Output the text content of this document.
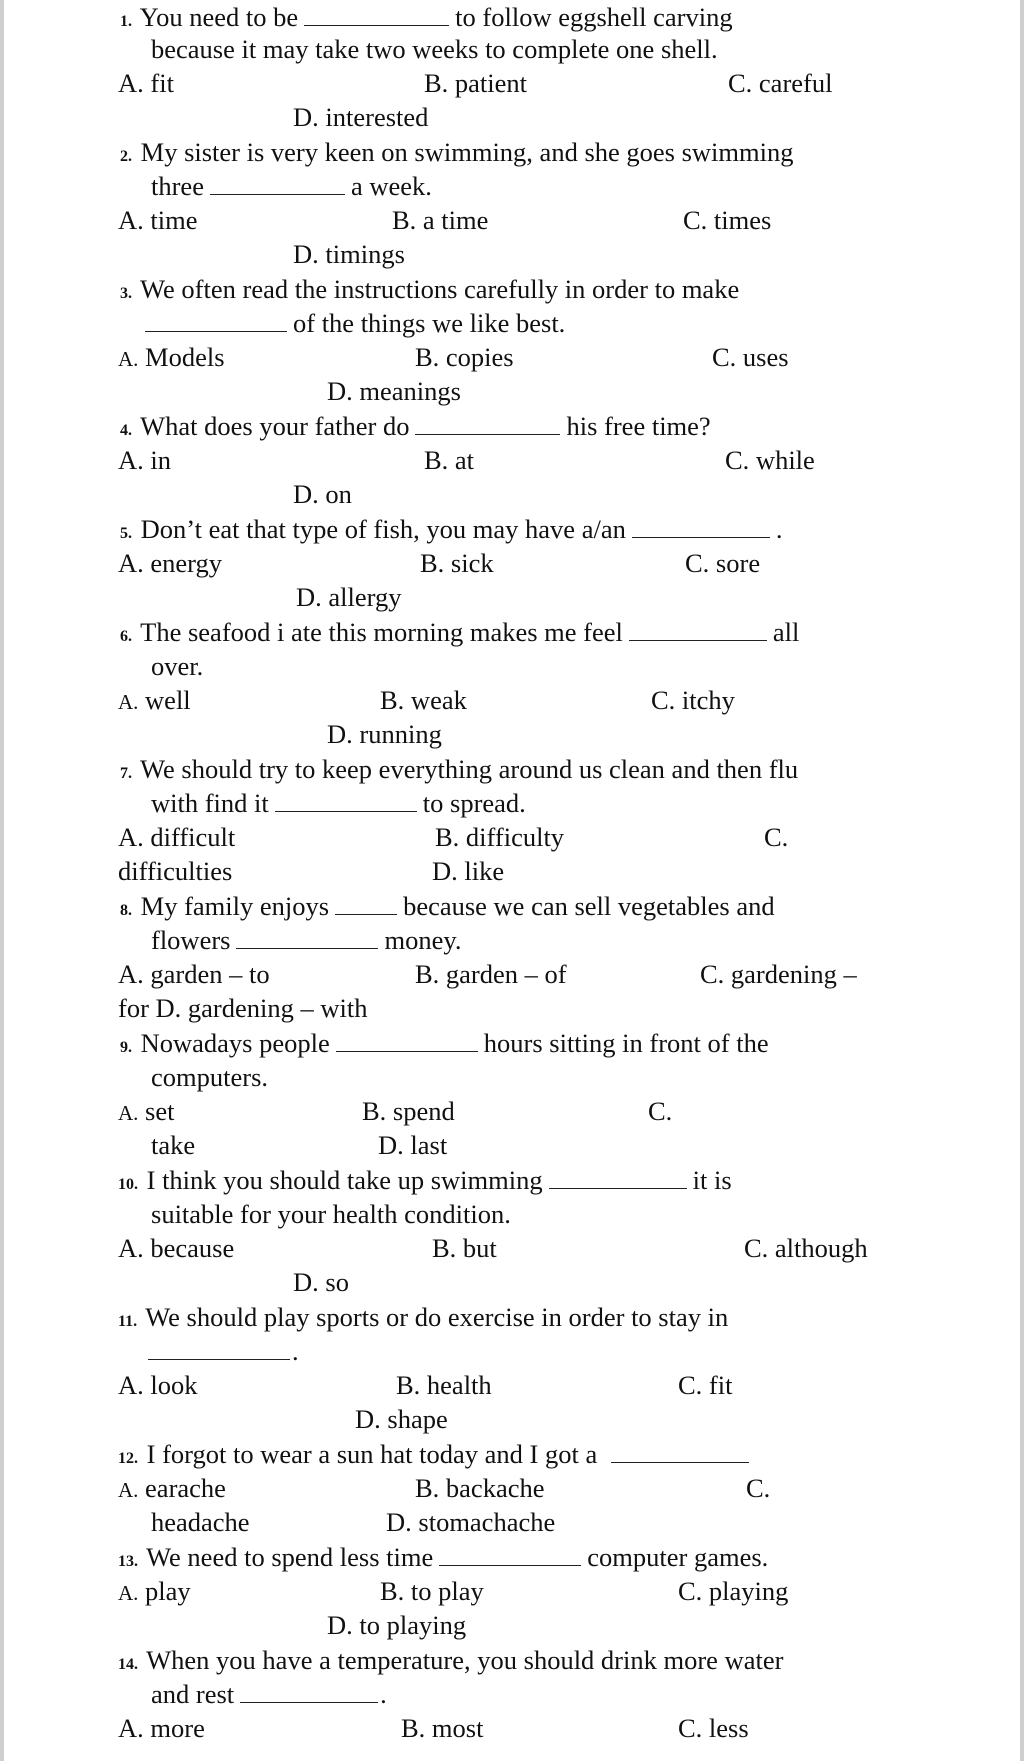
1. You need to be	to follow eggshell carving
because it may take two weeks to complete one shell.
A. fit	B. patient	C. careful
D. interested
2. My sister is very keen on swimming, and she goes swimming
three	a week.
A. time	B. a time	C. times
D. timings
3. We often read the instructions carefully in order to make
of the things we like best.
A. Models	B. copies	C. uses
D. meanings
4. What does your father do	his free time?
A. in	B. at	C. while
D. on
5. Don’t eat that type of fish, you may have a/an	.
A. energy	B. sick	C. sore
D. allergy
6. The seafood i ate this morning makes me feel	all
over.
A. well	B. weak	C. itchy
D. running
7. We should try to keep everything around us clean and then flu
with find it	to spread.
A. difficult	B. difficulty	C.
difficulties	D. like
8. My family enjoys	because we can sell vegetables and
flowers	money.
A. garden – to	B. garden – of	C. gardening –
for D. gardening – with
9. Nowadays people	hours sitting in front of the
computers.
A. set	B. spend	C.
take	D. last
10. I think you should take up swimming	it is
suitable for your health condition.
A. because	B. but	C. although
D. so
11. We should play sports or do exercise in order to stay in
.
A. look	B. health	C. fit
D. shape
12. I forgot to wear a sun hat today and I got a
A. earache	B. backache	C.
headache	D. stomachache
13. We need to spend less time	computer games.
A. play	B. to play	C. playing
D. to playing
14. When you have a temperature, you should drink more water
and rest	.
A. more	B. most	C. less
